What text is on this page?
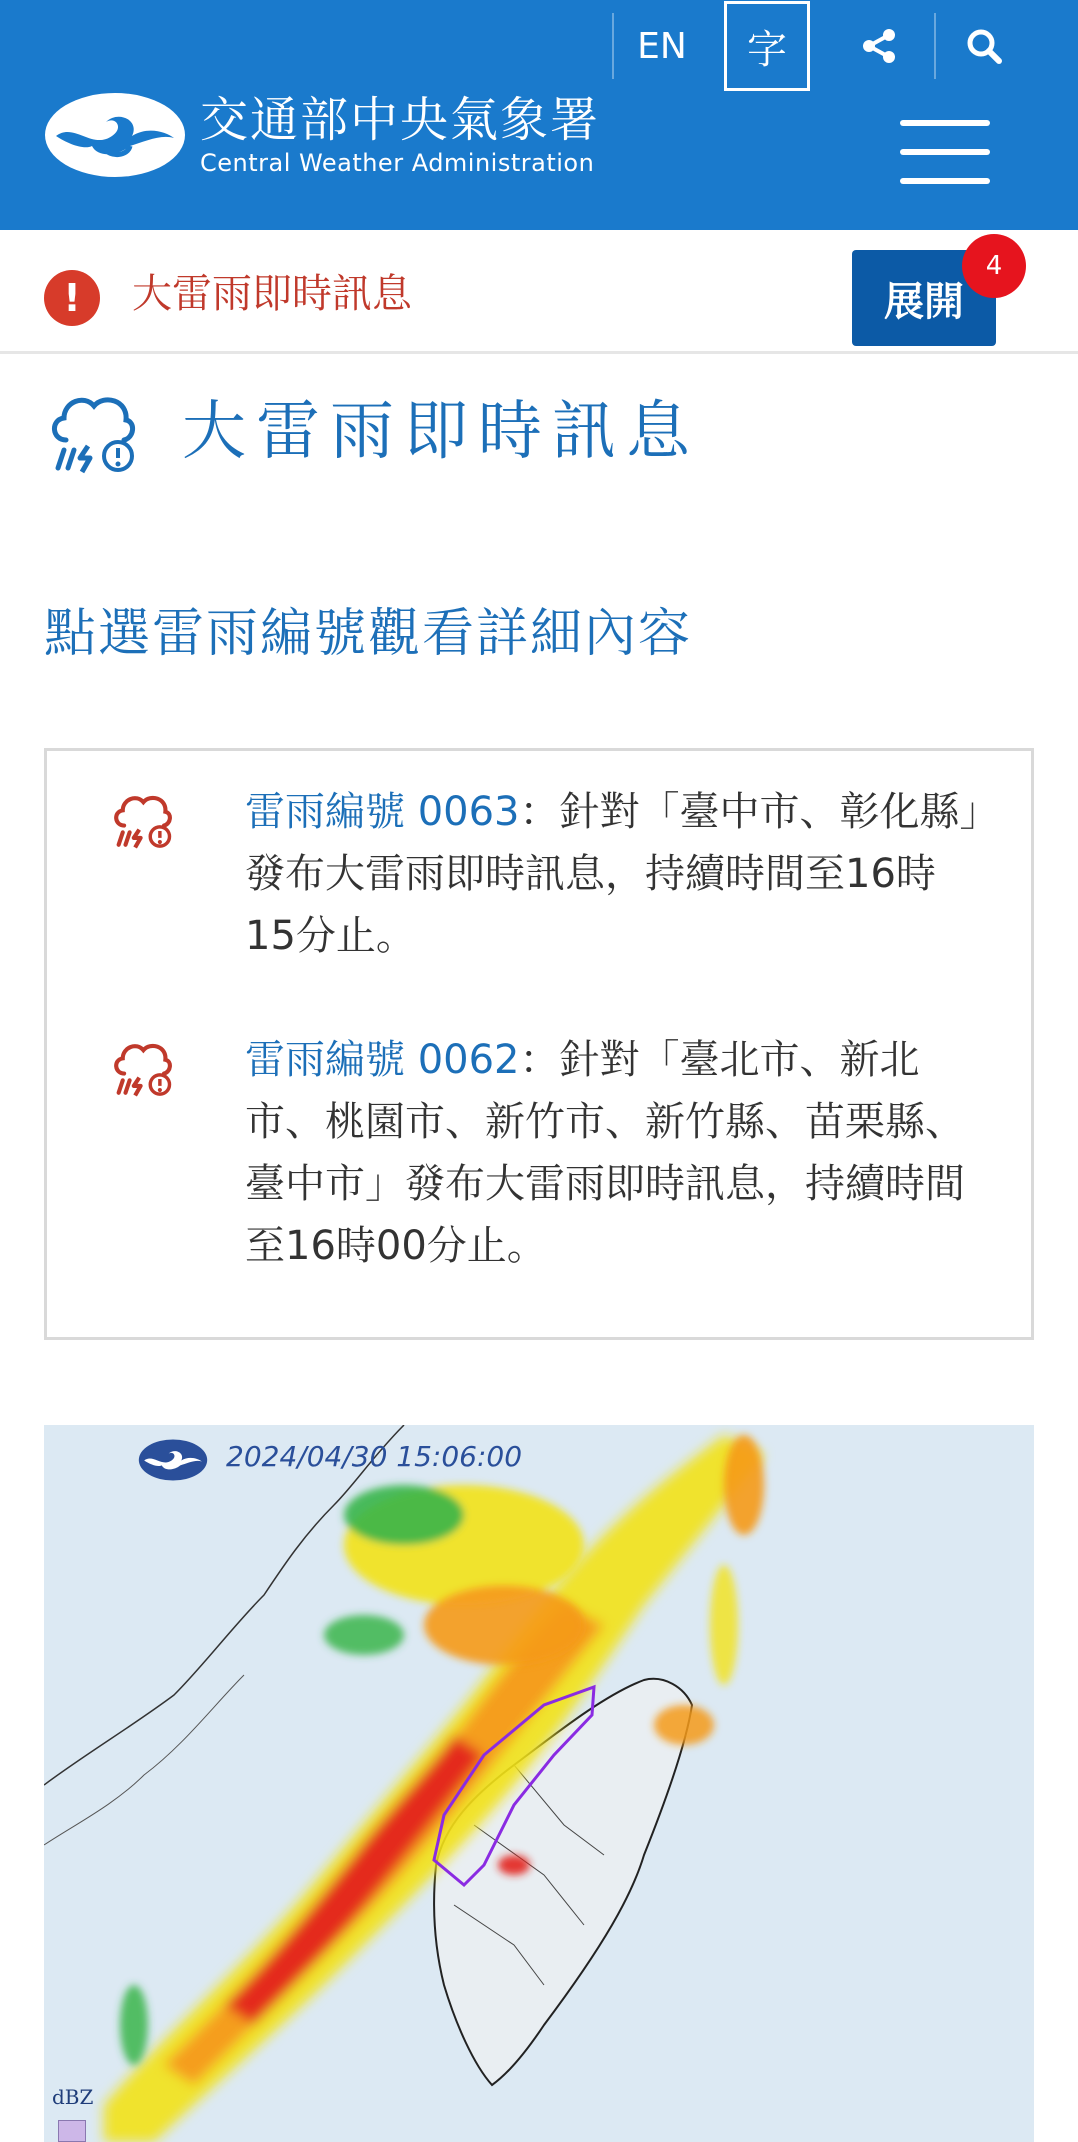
EN	字
交通部中央氣象署
Central Weather Administration
!	大雷雨即時訊息	展開
4
大雷雨即時訊息
點選雷雨編號觀看詳細內容
雷雨編號 0063：針對「臺中市、彰化縣」發布大雷雨即時訊息，持續時間至16時15分止。
雷雨編號 0062：針對「臺北市、新北市、桃園市、新竹市、新竹縣、苗栗縣、臺中市」發布大雷雨即時訊息，持續時間至16時00分止。
2024/04/30 15:06:00
dBZ
